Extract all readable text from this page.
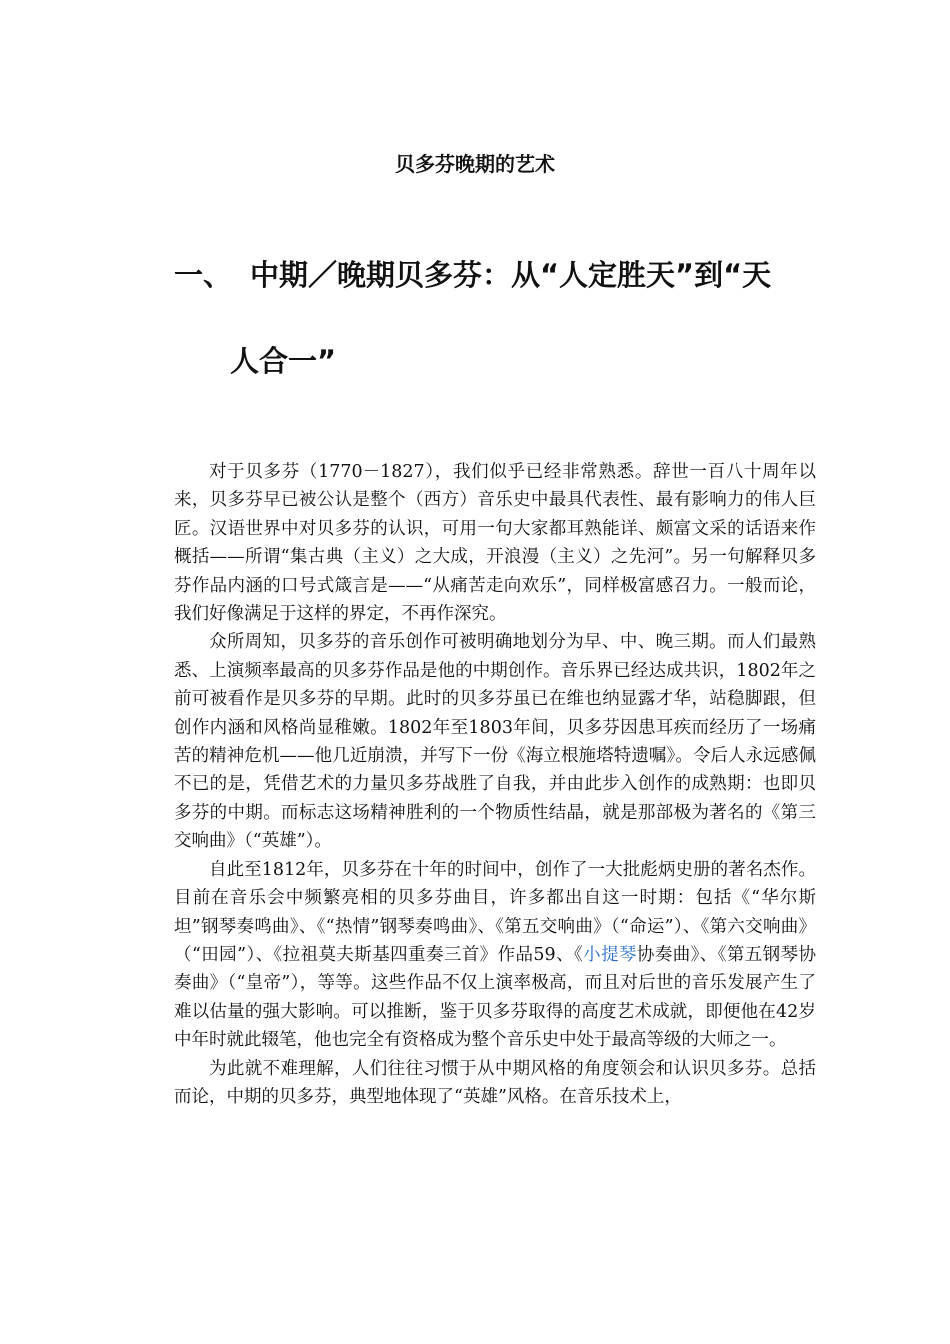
贝多芬晚期的艺术
一、 中期／晚期贝多芬：从“人定胜天”到“天
人合一”

对于贝多芬（1770－1827），我们似乎已经非常熟悉。辞世一百八十周年以来，贝多芬早已被公认是整个（西方）音乐史中最具代表性、最有影响力的伟人巨匠。汉语世界中对贝多芬的认识，可用一句大家都耳熟能详、颇富文采的话语来作概括——所谓“集古典（主义）之大成，开浪漫（主义）之先河”。另一句解释贝多芬作品内涵的口号式箴言是——“从痛苦走向欢乐”，同样极富感召力。一般而论，我们好像满足于这样的界定，不再作深究。

众所周知，贝多芬的音乐创作可被明确地划分为早、中、晚三期。而人们最熟悉、上演频率最高的贝多芬作品是他的中期创作。音乐界已经达成共识，1802年之前可被看作是贝多芬的早期。此时的贝多芬虽已在维也纳显露才华，站稳脚跟，但创作内涵和风格尚显稚嫩。1802年至1803年间，贝多芬因患耳疾而经历了一场痛苦的精神危机——他几近崩溃，并写下一份《海立根施塔特遗嘱》。令后人永远感佩不已的是，凭借艺术的力量贝多芬战胜了自我，并由此步入创作的成熟期：也即贝多芬的中期。而标志这场精神胜利的一个物质性结晶，就是那部极为著名的《第三交响曲》（“英雄”）。

自此至1812年，贝多芬在十年的时间中，创作了一大批彪炳史册的著名杰作。目前在音乐会中频繁亮相的贝多芬曲目，许多都出自这一时期：包括《“华尔斯坦”钢琴奏鸣曲》、《“热情”钢琴奏鸣曲》、《第五交响曲》（“命运”）、《第六交响曲》（“田园”）、《拉祖莫夫斯基四重奏三首》作品59、《小提琴协奏曲》、《第五钢琴协奏曲》（“皇帝”），等等。这些作品不仅上演率极高，而且对后世的音乐发展产生了难以估量的强大影响。可以推断，鉴于贝多芬取得的高度艺术成就，即便他在42岁中年时就此辍笔，他也完全有资格成为整个音乐史中处于最高等级的大师之一。

为此就不难理解，人们往往习惯于从中期风格的角度领会和认识贝多芬。总括而论，中期的贝多芬，典型地体现了“英雄”风格。在音乐技术上，
